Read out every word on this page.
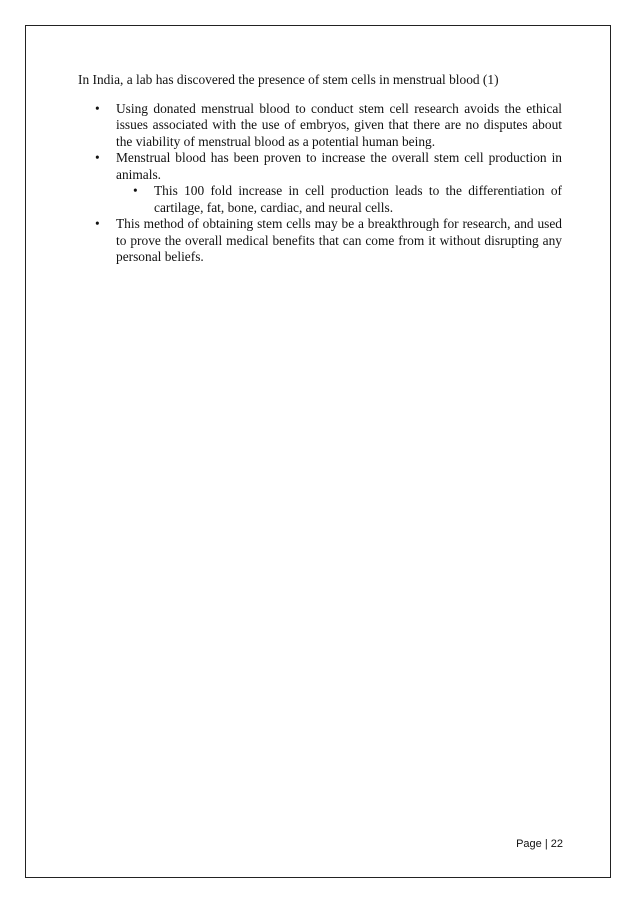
In India, a lab has discovered the presence of stem cells in menstrual blood (1)

•	Using donated menstrual blood to conduct stem cell research avoids the ethical issues associated with the use of embryos, given that there are no disputes about the viability of menstrual blood as a potential human being.
•	Menstrual blood has been proven to increase the overall stem cell production in animals.
•	This 100 fold increase in cell production leads to the differentiation of cartilage, fat, bone, cardiac, and neural cells.
•	This method of obtaining stem cells may be a breakthrough for research, and used to prove the overall medical benefits that can come from it without disrupting any personal beliefs.
Page | 22
